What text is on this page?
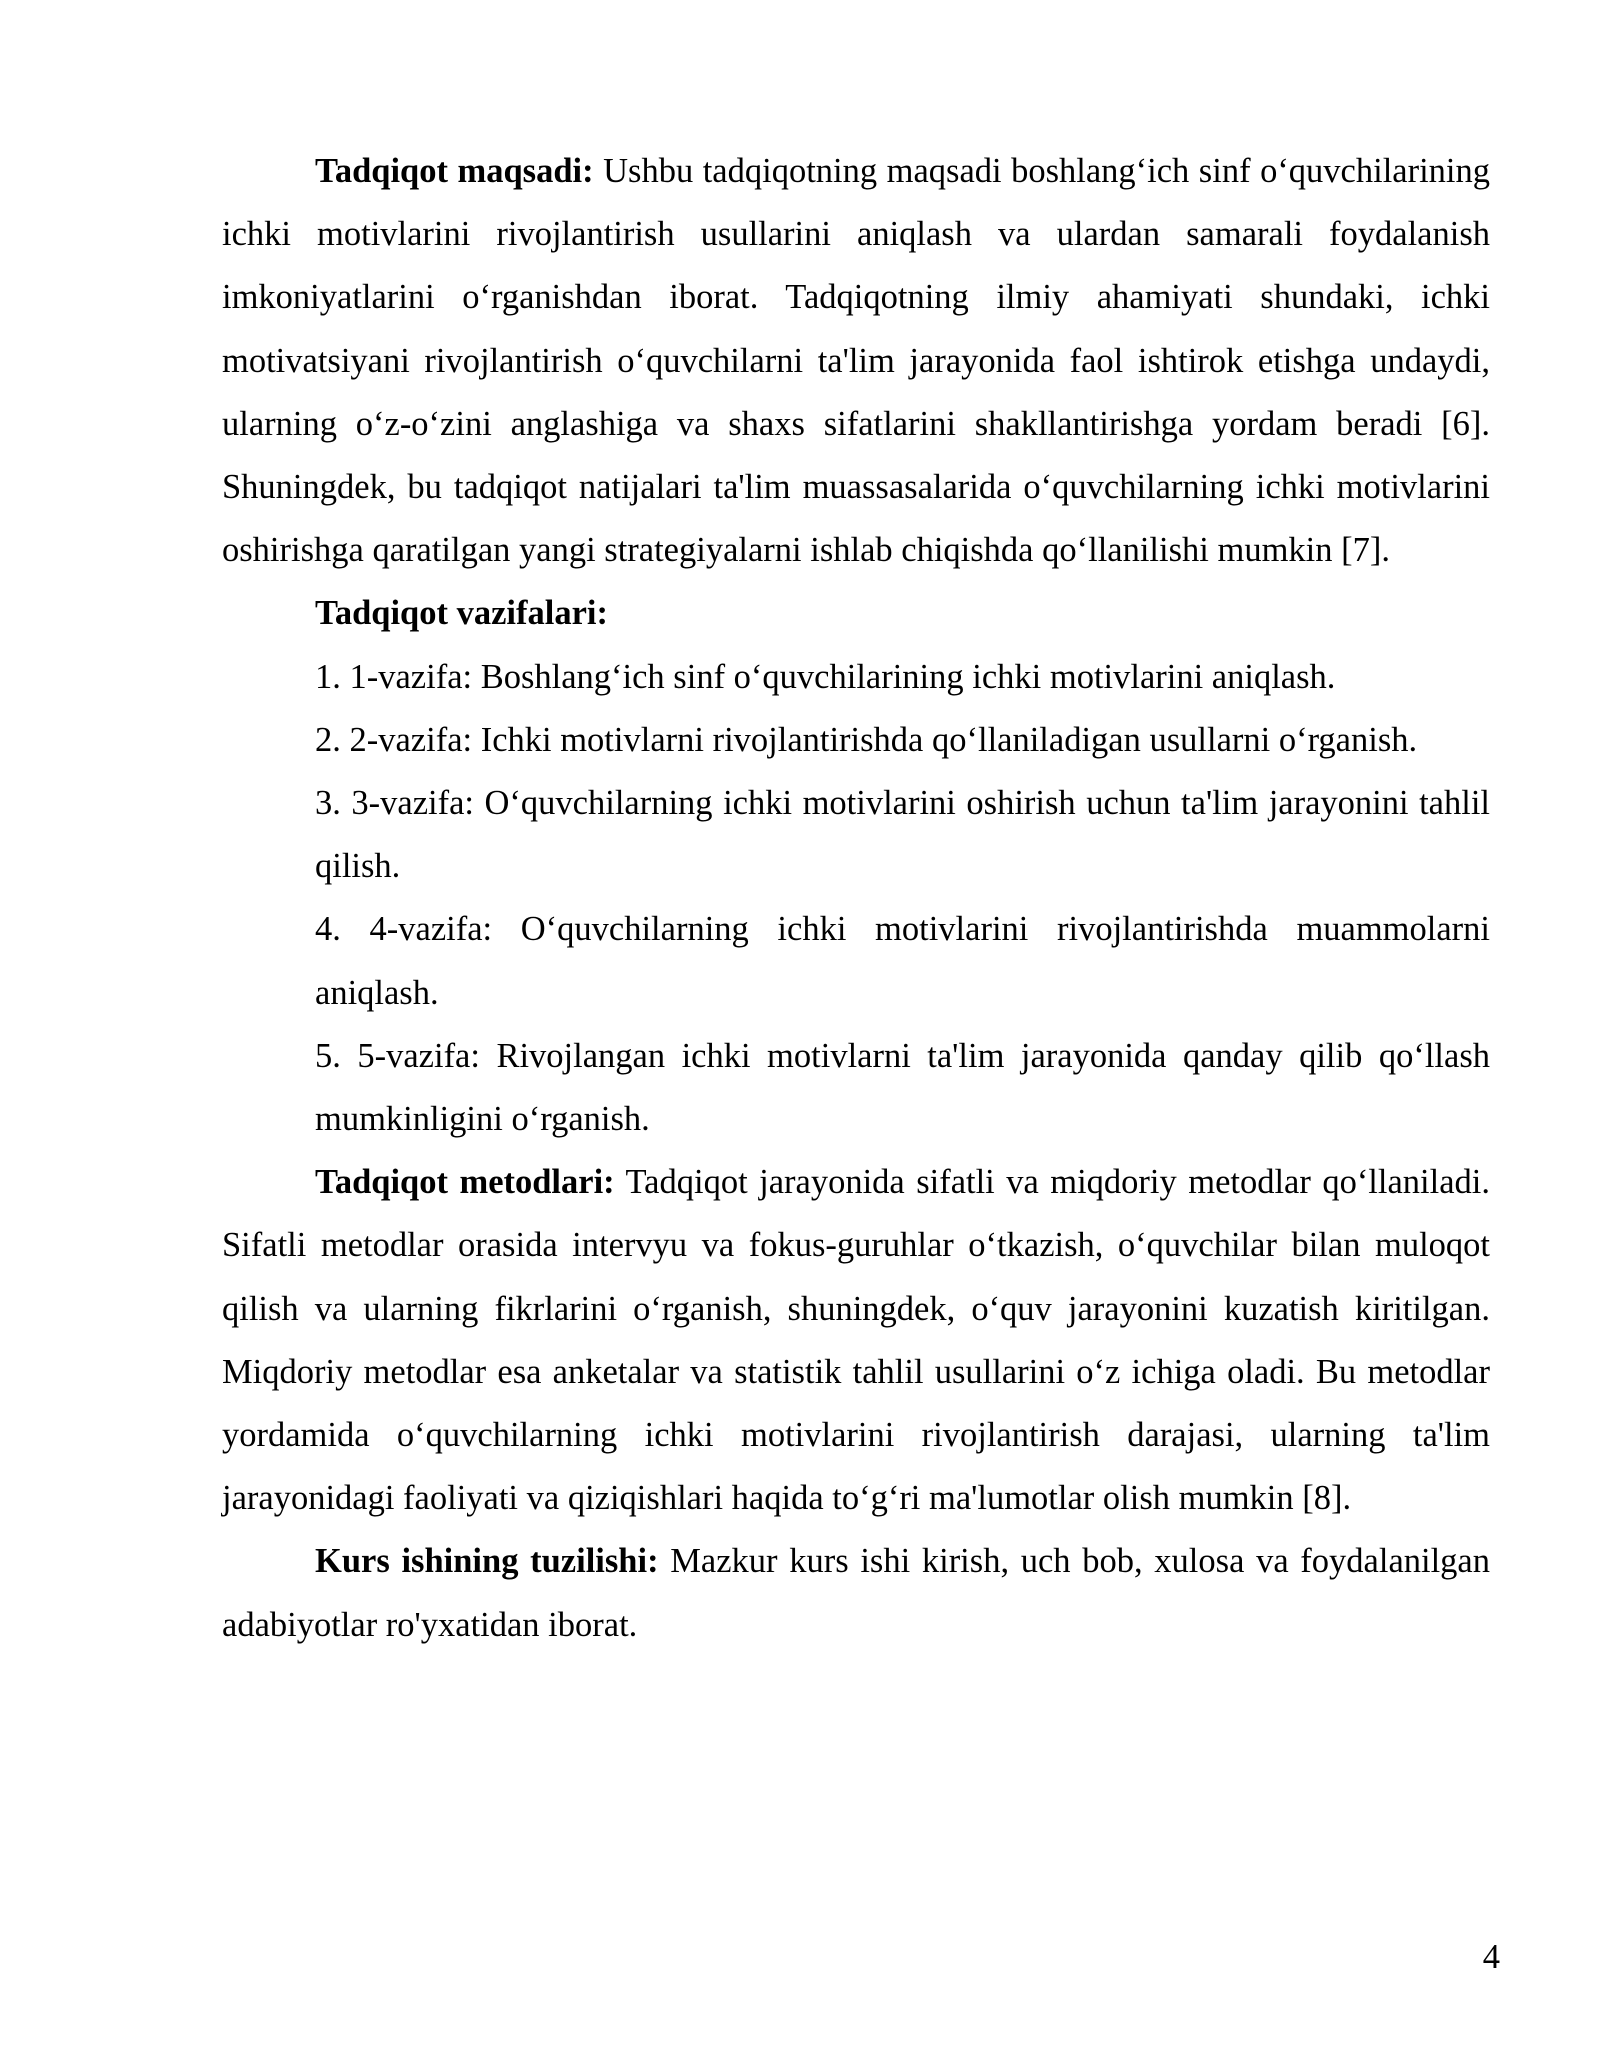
Tadqiqot maqsadi: Ushbu tadqiqotning maqsadi boshlang‘ich sinf o‘quvchilarining ichki motivlarini rivojlantirish usullarini aniqlash va ulardan samarali foydalanish imkoniyatlarini o‘rganishdan iborat. Tadqiqotning ilmiy ahamiyati shundaki, ichki motivatsiyani rivojlantirish o‘quvchilarni ta'lim jarayonida faol ishtirok etishga undaydi, ularning o‘z-o‘zini anglashiga va shaxs sifatlarini shakllantirishga yordam beradi [6]. Shuningdek, bu tadqiqot natijalari ta'lim muassasalarida o‘quvchilarning ichki motivlarini oshirishga qaratilgan yangi strategiyalarni ishlab chiqishda qo‘llanilishi mumkin [7].

Tadqiqot vazifalari:

1. 1-vazifa: Boshlang‘ich sinf o‘quvchilarining ichki motivlarini aniqlash.

2. 2-vazifa: Ichki motivlarni rivojlantirishda qo‘llaniladigan usullarni o‘rganish.

3. 3-vazifa: O‘quvchilarning ichki motivlarini oshirish uchun ta'lim jarayonini tahlil qilish.

4. 4-vazifa: O‘quvchilarning ichki motivlarini rivojlantirishda muammolarni aniqlash.

5. 5-vazifa: Rivojlangan ichki motivlarni ta'lim jarayonida qanday qilib qo‘llash mumkinligini o‘rganish.

Tadqiqot metodlari: Tadqiqot jarayonida sifatli va miqdoriy metodlar qo‘llaniladi. Sifatli metodlar orasida intervyu va fokus-guruhlar o‘tkazish, o‘quvchilar bilan muloqot qilish va ularning fikrlarini o‘rganish, shuningdek, o‘quv jarayonini kuzatish kiritilgan. Miqdoriy metodlar esa anketalar va statistik tahlil usullarini o‘z ichiga oladi. Bu metodlar yordamida o‘quvchilarning ichki motivlarini rivojlantirish darajasi, ularning ta'lim jarayonidagi faoliyati va qiziqishlari haqida to‘g‘ri ma'lumotlar olish mumkin [8].

Kurs ishining tuzilishi: Mazkur kurs ishi kirish, uch bob, xulosa va foydalanilgan adabiyotlar ro'yxatidan iborat.

4
